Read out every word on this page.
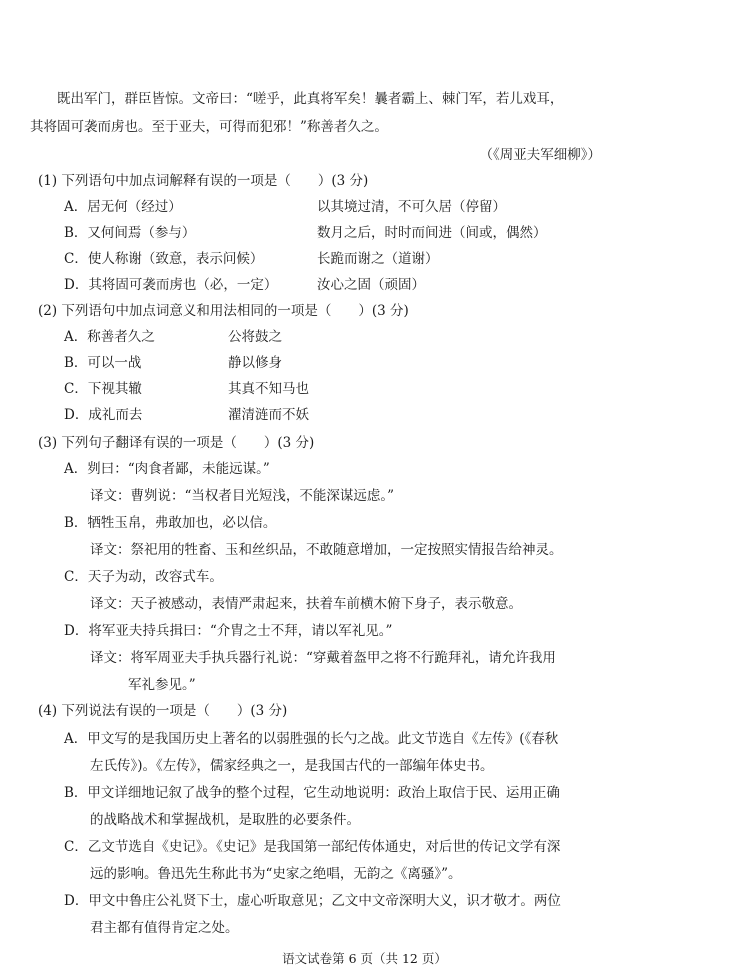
既出军门，群臣皆惊。文帝曰：“嗟乎，此真将军矣！曩者霸上、棘门军，若儿戏耳，
其将固可袭而虏也。至于亚夫，可得而犯邪！”称善者久之。
（《周亚夫军细柳》）
(1) 下列语句中加点词解释有误的一项是（　　）(3 分)
A．居无何（经过）	以其境过清，不可久居（停留）
B．又何间焉（参与）	数月之后，时时而间进（间或，偶然）
C．使人称谢（致意，表示问候）	长跪而谢之（道谢）
D．其将固可袭而虏也（必，一定）	汝心之固（顽固）
(2) 下列语句中加点词意义和用法相同的一项是（　　）(3 分)
A．称善者久之	公将鼓之
B．可以一战	静以修身
C．下视其辙	其真不知马也
D．成礼而去	濯清涟而不妖
(3) 下列句子翻译有误的一项是（　　）(3 分)
A．刿曰：“肉食者鄙，未能远谋。”
译文：曹刿说：“当权者目光短浅，不能深谋远虑。”
B．牺牲玉帛，弗敢加也，必以信。
译文：祭祀用的牲畜、玉和丝织品，不敢随意增加，一定按照实情报告给神灵。
C．天子为动，改容式车。
译文：天子被感动，表情严肃起来，扶着车前横木俯下身子，表示敬意。
D．将军亚夫持兵揖曰：“介胄之士不拜，请以军礼见。”
译文：将军周亚夫手执兵器行礼说：“穿戴着盔甲之将不行跪拜礼，请允许我用
军礼参见。”
(4) 下列说法有误的一项是（　　）(3 分)
A．甲文写的是我国历史上著名的以弱胜强的长勺之战。此文节选自《左传》(《春秋
左氏传》)。《左传》，儒家经典之一，是我国古代的一部编年体史书。
B．甲文详细地记叙了战争的整个过程，它生动地说明：政治上取信于民、运用正确
的战略战术和掌握战机，是取胜的必要条件。
C．乙文节选自《史记》。《史记》是我国第一部纪传体通史，对后世的传记文学有深
远的影响。鲁迅先生称此书为“史家之绝唱，无韵之《离骚》”。
D．甲文中鲁庄公礼贤下士，虚心听取意见；乙文中文帝深明大义，识才敬才。两位
君主都有值得肯定之处。
语文试卷第 6 页（共 12 页）
